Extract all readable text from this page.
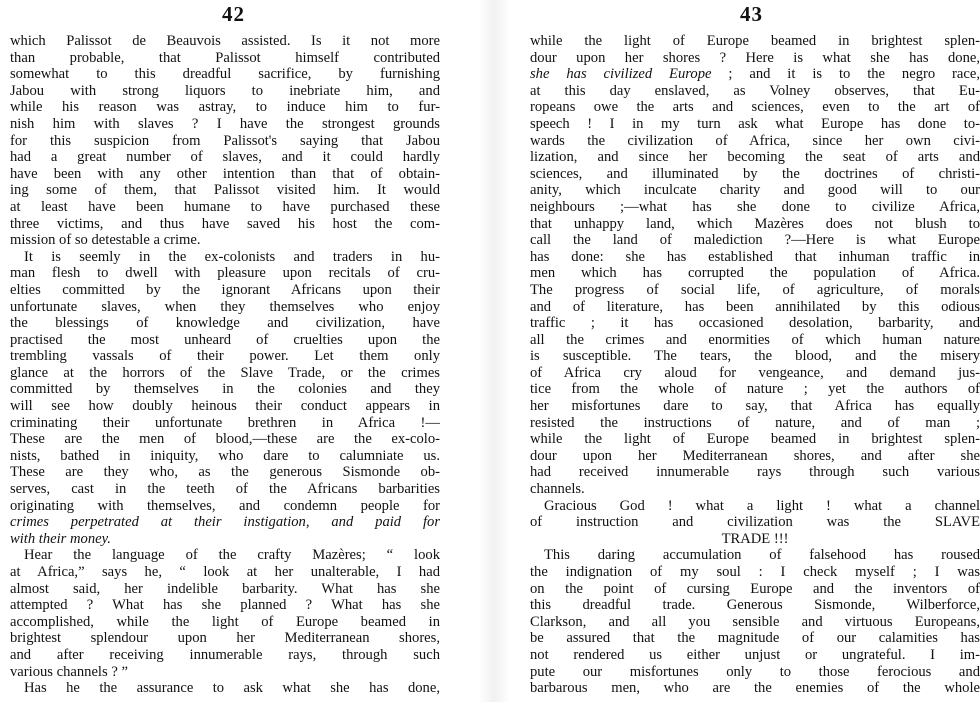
42
which Palissot de Beauvois assisted. Is it not more
than probable, that Palissot himself contributed
somewhat to this dreadful sacrifice, by furnishing
Jabou with strong liquors to inebriate him, and
while his reason was astray, to induce him to fur-
nish him with slaves ? I have the strongest grounds
for this suspicion from Palissot's saying that Jabou
had a great number of slaves, and it could hardly
have been with any other intention than that of obtain-
ing some of them, that Palissot visited him. It would
at least have been humane to have purchased these
three victims, and thus have saved his host the com-
mission of so detestable a crime.
It is seemly in the ex-colonists and traders in hu-
man flesh to dwell with pleasure upon recitals of cru-
elties committed by the ignorant Africans upon their
unfortunate slaves, when they themselves who enjoy
the blessings of knowledge and civilization, have
practised the most unheard of cruelties upon the
trembling vassals of their power. Let them only
glance at the horrors of the Slave Trade, or the crimes
committed by themselves in the colonies and they
will see how doubly heinous their conduct appears in
criminating their unfortunate brethren in Africa !—
These are the men of blood,—these are the ex-colo-
nists, bathed in iniquity, who dare to calumniate us.
These are they who, as the generous Sismonde ob-
serves, cast in the teeth of the Africans barbarities
originating with themselves, and condemn people for
crimes perpetrated at their instigation, and paid for
with their money.
Hear the language of the crafty Mazères; “ look
at Africa,” says he, “ look at her unalterable, I had
almost said, her indelible barbarity. What has she
attempted ? What has she planned ? What has she
accomplished, while the light of Europe beamed in
brightest splendour upon her Mediterranean shores,
and after receiving innumerable rays, through such
various channels ? ”
Has he the assurance to ask what she has done,
43
while the light of Europe beamed in brightest splen-
dour upon her shores ? Here is what she has done,
she has civilized Europe ; and it is to the negro race,
at this day enslaved, as Volney observes, that Eu-
ropeans owe the arts and sciences, even to the art of
speech ! I in my turn ask what Europe has done to-
wards the civilization of Africa, since her own civi-
lization, and since her becoming the seat of arts and
sciences, and illuminated by the doctrines of christi-
anity, which inculcate charity and good will to our
neighbours ;—what has she done to civilize Africa,
that unhappy land, which Mazères does not blush to
call the land of malediction ?—Here is what Europe
has done: she has established that inhuman traffic in
men which has corrupted the population of Africa.
The progress of social life, of agriculture, of morals
and of literature, has been annihilated by this odious
traffic ; it has occasioned desolation, barbarity, and
all the crimes and enormities of which human nature
is susceptible. The tears, the blood, and the misery
of Africa cry aloud for vengeance, and demand jus-
tice from the whole of nature ; yet the authors of
her misfortunes dare to say, that Africa has equally
resisted the instructions of nature, and of man ;
while the light of Europe beamed in brightest splen-
dour upon her Mediterranean shores, and after she
had received innumerable rays through such various
channels.
Gracious God ! what a light ! what a channel
of instruction and civilization was the SLAVE
TRADE !!!
This daring accumulation of falsehood has roused
the indignation of my soul : I check myself ; I was
on the point of cursing Europe and the inventors of
this dreadful trade. Generous Sismonde, Wilberforce,
Clarkson, and all you sensible and virtuous Europeans,
be assured that the magnitude of our calamities has
not rendered us either unjust or ungrateful. I im-
pute our misfortunes only to those ferocious and
barbarous men, who are the enemies of the whole
